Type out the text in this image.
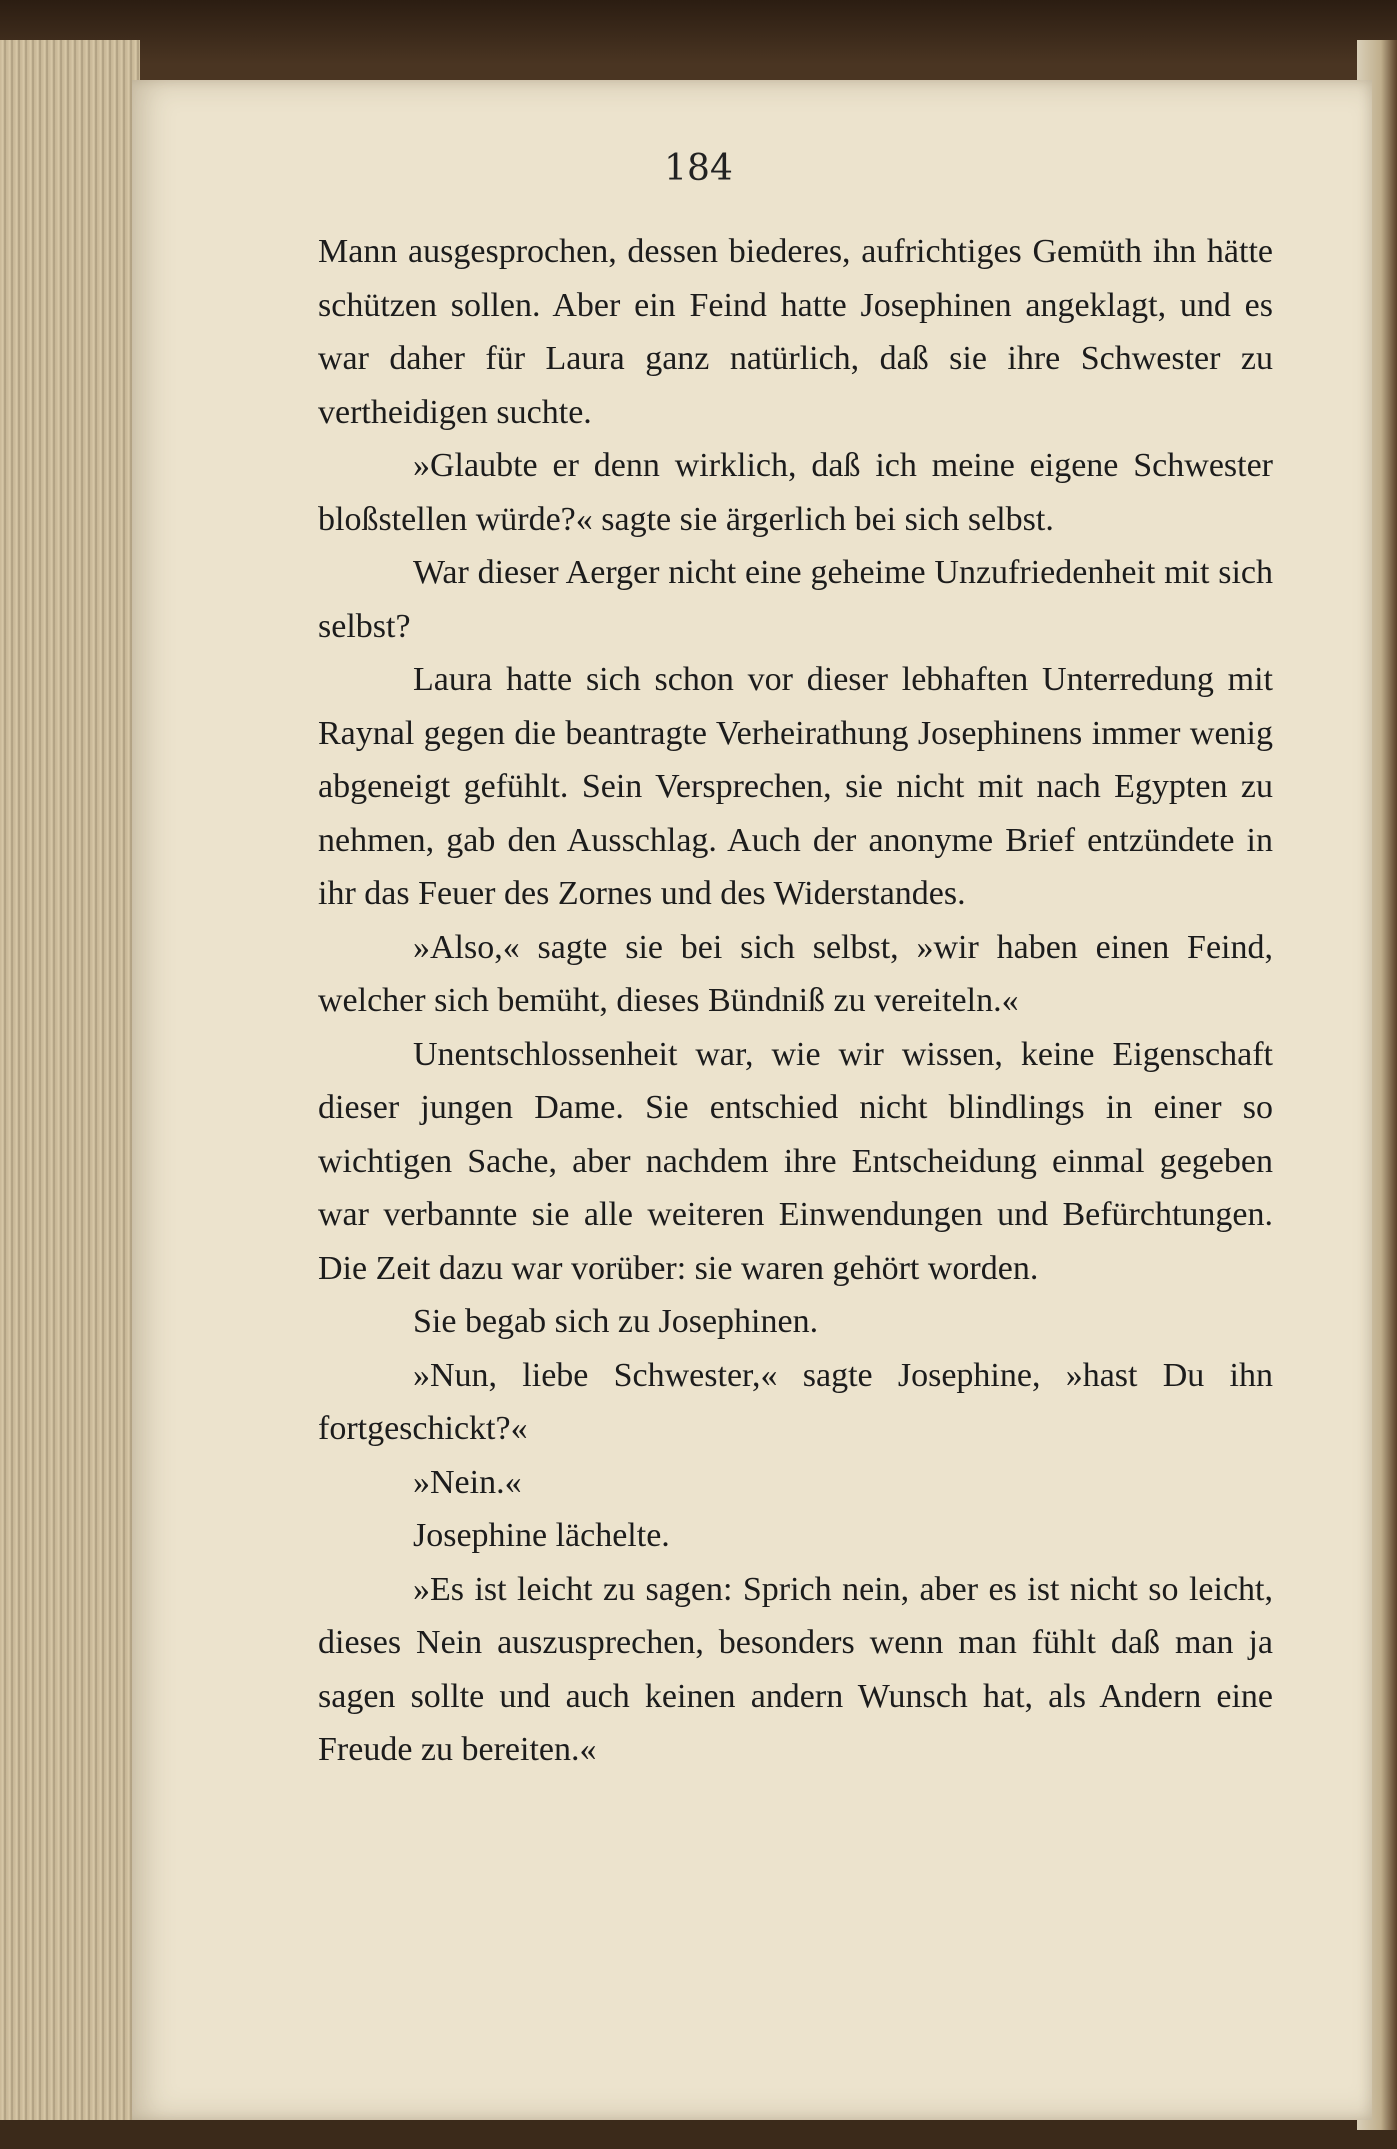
184

Mann ausgesprochen, dessen biederes, aufrichtiges Gemüth ihn hätte schützen sollen. Aber ein Feind hatte Josephinen angeklagt, und es war daher für Laura ganz natürlich, daß sie ihre Schwester zu vertheidigen suchte.

»Glaubte er denn wirklich, daß ich meine eigene Schwester bloßstellen würde?« sagte sie ärgerlich bei sich selbst.

War dieser Aerger nicht eine geheime Unzufriedenheit mit sich selbst?

Laura hatte sich schon vor dieser lebhaften Unterredung mit Raynal gegen die beantragte Verheirathung Josephinens immer wenig abgeneigt gefühlt. Sein Versprechen, sie nicht mit nach Egypten zu nehmen, gab den Ausschlag. Auch der anonyme Brief entzündete in ihr das Feuer des Zornes und des Widerstandes.

»Also,« sagte sie bei sich selbst, »wir haben einen Feind, welcher sich bemüht, dieses Bündniß zu vereiteln.«

Unentschlossenheit war, wie wir wissen, keine Eigenschaft dieser jungen Dame. Sie entschied nicht blindlings in einer so wichtigen Sache, aber nachdem ihre Entscheidung einmal gegeben war verbannte sie alle weiteren Einwendungen und Befürchtungen. Die Zeit dazu war vorüber: sie waren gehört worden.

Sie begab sich zu Josephinen.

»Nun, liebe Schwester,« sagte Josephine, »hast Du ihn fortgeschickt?«

»Nein.«

Josephine lächelte.

»Es ist leicht zu sagen: Sprich nein, aber es ist nicht so leicht, dieses Nein auszusprechen, besonders wenn man fühlt daß man ja sagen sollte und auch keinen andern Wunsch hat, als Andern eine Freude zu bereiten.«
